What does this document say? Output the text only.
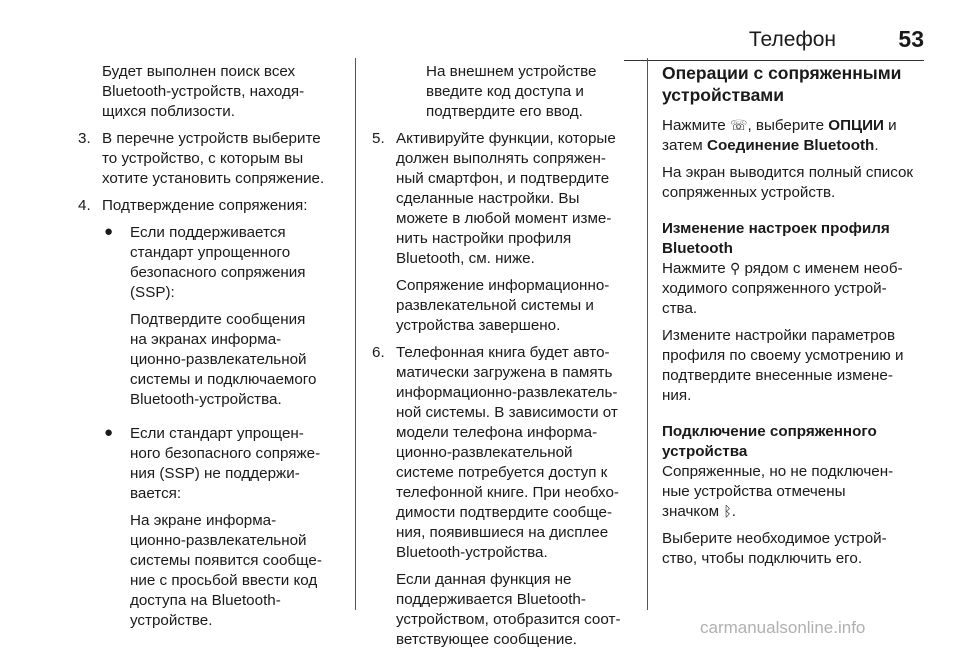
Телефон	53
Будет выполнен поиск всех
Bluetooth-устройств, находя-
щихся поблизости.
3. В перечне устройств выберите
то устройство, с которым вы
хотите установить сопряжение.
4. Подтверждение сопряжения:
● Если поддерживается
стандарт упрощенного
безопасного сопряжения
(SSP):
Подтвердите сообщения
на экранах информа-
ционно-развлекательной
системы и подключаемого
Bluetooth-устройства.
● Если стандарт упрощен-
ного безопасного сопряже-
ния (SSP) не поддержи-
вается:
На экране информа-
ционно-развлекательной
системы появится сообще-
ние с просьбой ввести код
доступа на Bluetooth-
устройстве.
На внешнем устройстве
введите код доступа и
подтвердите его ввод.
5. Активируйте функции, которые
должен выполнять сопряжен-
ный смартфон, и подтвердите
сделанные настройки. Вы
можете в любой момент изме-
нить настройки профиля
Bluetooth, см. ниже.
Сопряжение информационно-
развлекательной системы и
устройства завершено.
6. Телефонная книга будет авто-
матически загружена в память
информационно-развлекатель-
ной системы. В зависимости от
модели телефона информа-
ционно-развлекательной
системе потребуется доступ к
телефонной книге. При необхо-
димости подтвердите сообще-
ния, появившиеся на дисплее
Bluetooth-устройства.
Если данная функция не
поддерживается Bluetooth-
устройством, отобразится соот-
ветствующее сообщение.
Операции с сопряженными
устройствами
Нажмите ☏, выберите ОПЦИИ и
затем Соединение Bluetooth.
На экран выводится полный список
сопряженных устройств.
Изменение настроек профиля
Bluetooth
Нажмите ⚲ рядом с именем необ-
ходимого сопряженного устрой-
ства.
Измените настройки параметров
профиля по своему усмотрению и
подтвердите внесенные измене-
ния.
Подключение сопряженного
устройства
Сопряженные, но не подключен-
ные устройства отмечены
значком ᛒ.
Выберите необходимое устрой-
ство, чтобы подключить его.
carmanualsonline.info
